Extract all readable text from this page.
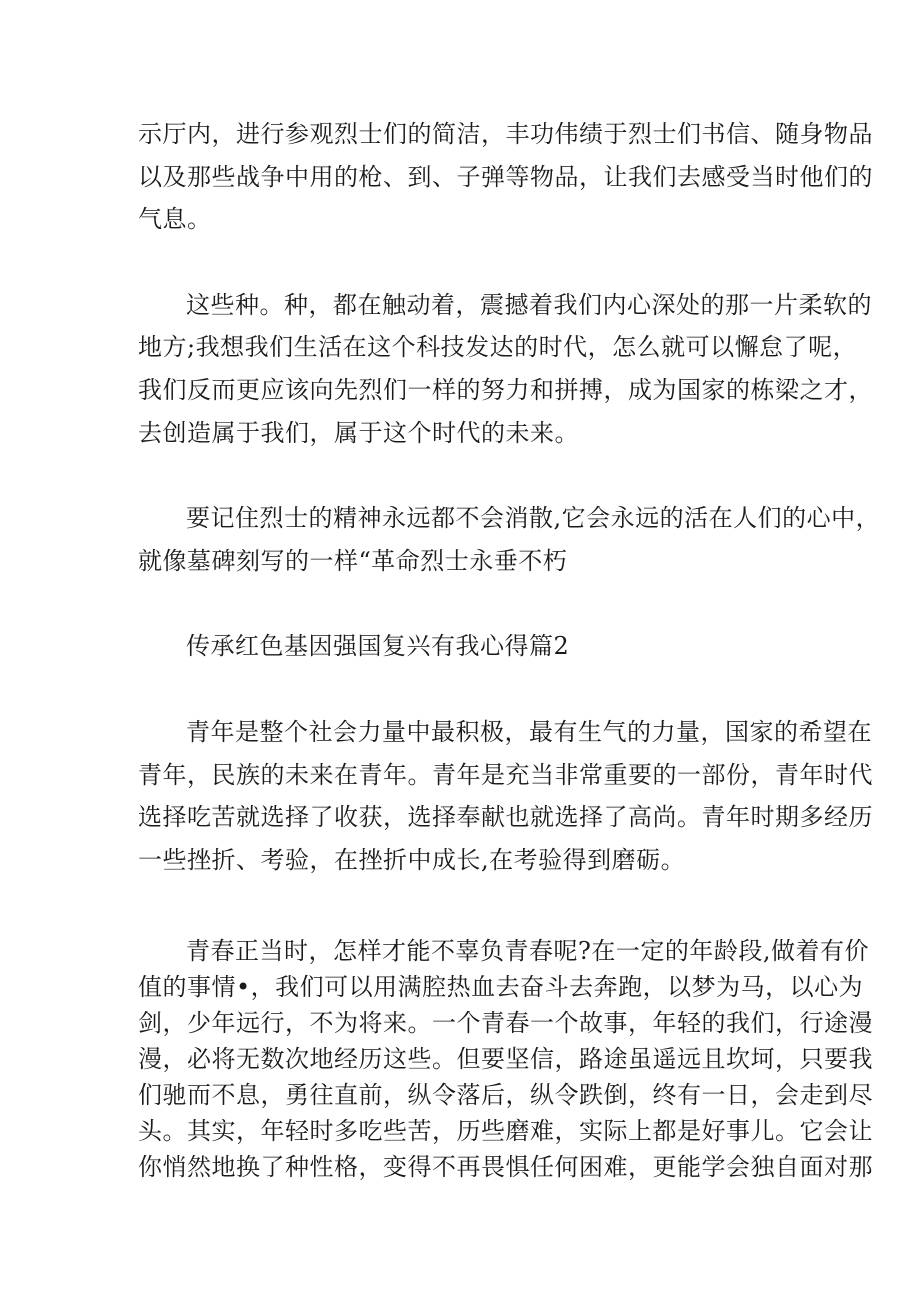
示厅内，进行参观烈士们的简洁，丰功伟绩于烈士们书信、随身物品
以及那些战争中用的枪、到、子弹等物品，让我们去感受当时他们的
气息。
这些种。种，都在触动着，震撼着我们内心深处的那一片柔软的
地方;我想我们生活在这个科技发达的时代，怎么就可以懈怠了呢，
我们反而更应该向先烈们一样的努力和拼搏，成为国家的栋梁之才，
去创造属于我们，属于这个时代的未来。
要记住烈士的精神永远都不会消散,它会永远的活在人们的心中，
就像墓碑刻写的一样“革命烈士永垂不朽
传承红色基因强国复兴有我心得篇2
青年是整个社会力量中最积极，最有生气的力量，国家的希望在
青年，民族的未来在青年。青年是充当非常重要的一部份，青年时代
选择吃苦就选择了收获，选择奉献也就选择了高尚。青年时期多经历
一些挫折、考验，在挫折中成长,在考验得到磨砺。
青春正当时，怎样才能不辜负青春呢?在一定的年龄段,做着有价
值的事情•，我们可以用满腔热血去奋斗去奔跑，以梦为马，以心为
剑，少年远行，不为将来。一个青春一个故事，年轻的我们，行途漫
漫，必将无数次地经历这些。但要坚信，路途虽遥远且坎坷，只要我
们驰而不息，勇往直前，纵令落后，纵令跌倒，终有一日，会走到尽
头。其实，年轻时多吃些苦，历些磨难，实际上都是好事儿。它会让
你悄然地换了种性格，变得不再畏惧任何困难，更能学会独自面对那
